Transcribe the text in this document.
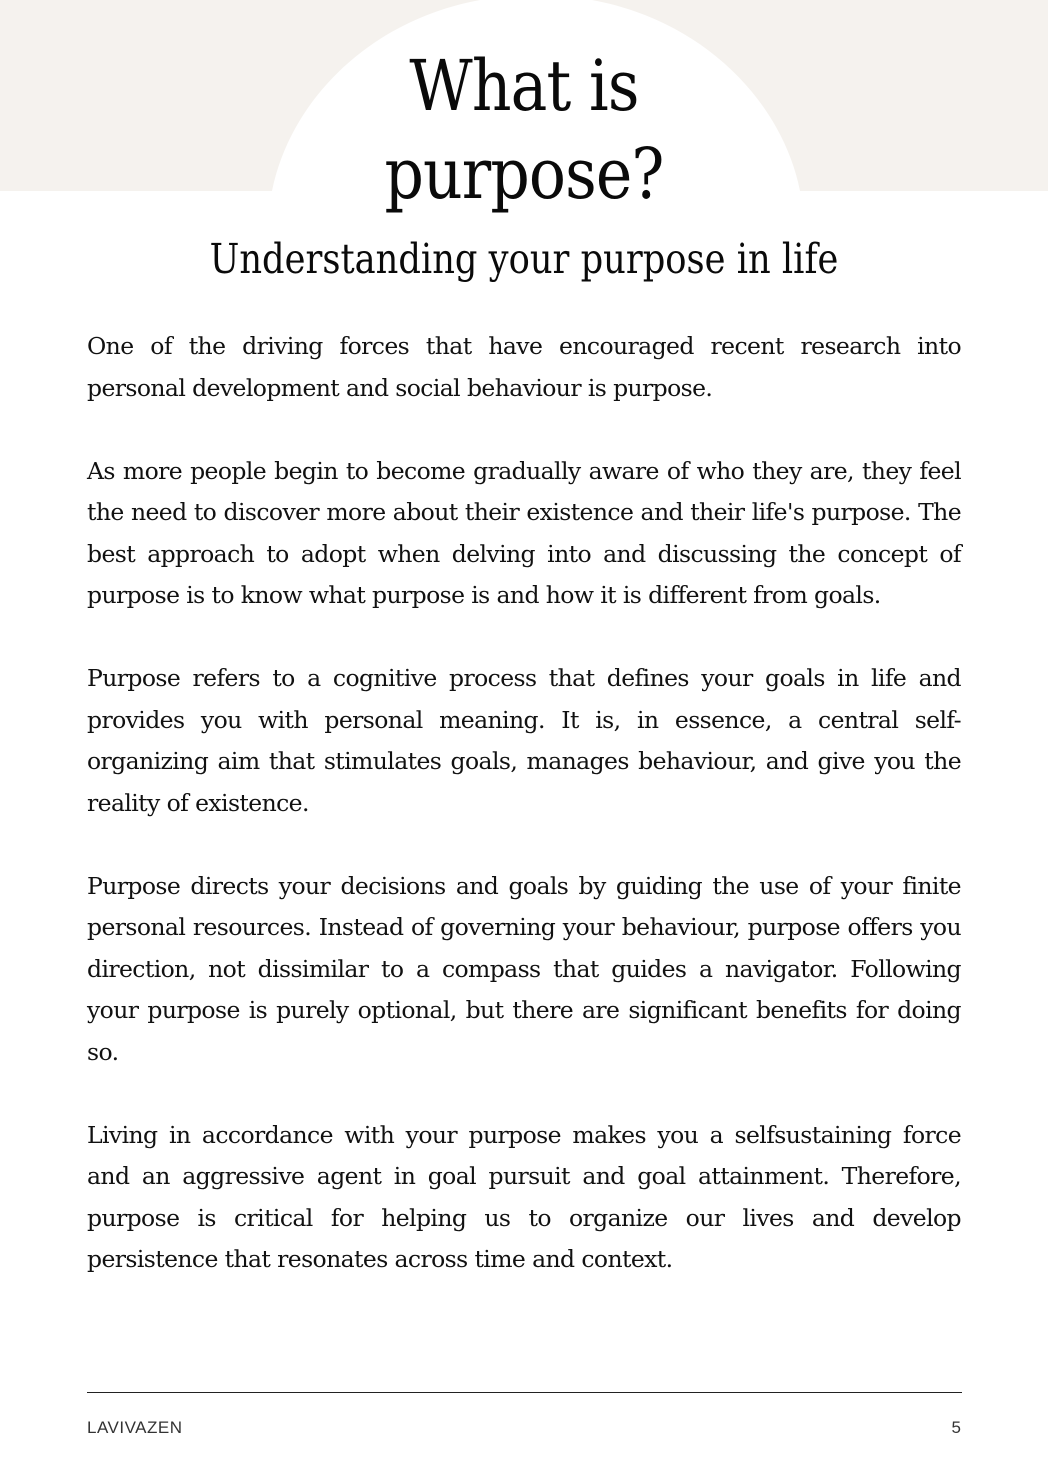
What is
purpose?
Understanding your purpose in life

One of the driving forces that have encouraged recent research into personal development and social behaviour is purpose.

As more people begin to become gradually aware of who they are, they feel the need to discover more about their existence and their life's purpose. The best approach to adopt when delving into and discussing the concept of purpose is to know what purpose is and how it is different from goals.

Purpose refers to a cognitive process that defines your goals in life and provides you with personal meaning. It is, in essence, a central self-organizing aim that stimulates goals, manages behaviour, and give you the reality of existence.

Purpose directs your decisions and goals by guiding the use of your finite personal resources. Instead of governing your behaviour, purpose offers you direction, not dissimilar to a compass that guides a navigator. Following your purpose is purely optional, but there are significant benefits for doing so.

Living in accordance with your purpose makes you a selfsustaining force and an aggressive agent in goal pursuit and goal attainment. Therefore, purpose is critical for helping us to organize our lives and develop persistence that resonates across time and context.

LAVIVAZEN	5
